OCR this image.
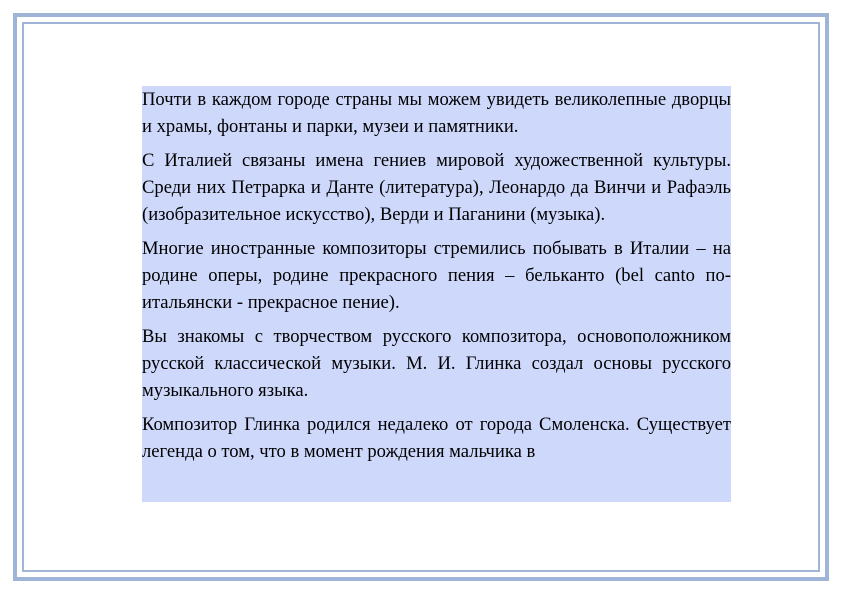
Почти в каждом городе страны мы можем увидеть великолепные дворцы и храмы, фонтаны и парки, музеи и памятники.

С Италией связаны имена гениев мировой художественной культуры. Среди них Петрарка и Данте (литература), Леонардо да Винчи и Рафаэль (изобразительное искусство), Верди и Паганини (музыка).

Многие иностранные композиторы стремились побывать в Италии – на родине оперы, родине прекрасного пения – бельканто (bel canto по-итальянски - прекрасное пение).

Вы знакомы с творчеством русского композитора, основоположником русской классической музыки. М. И. Глинка создал основы русского музыкального языка.

Композитор Глинка родился недалеко от города Смоленска. Существует легенда о том, что в момент рождения мальчика в
